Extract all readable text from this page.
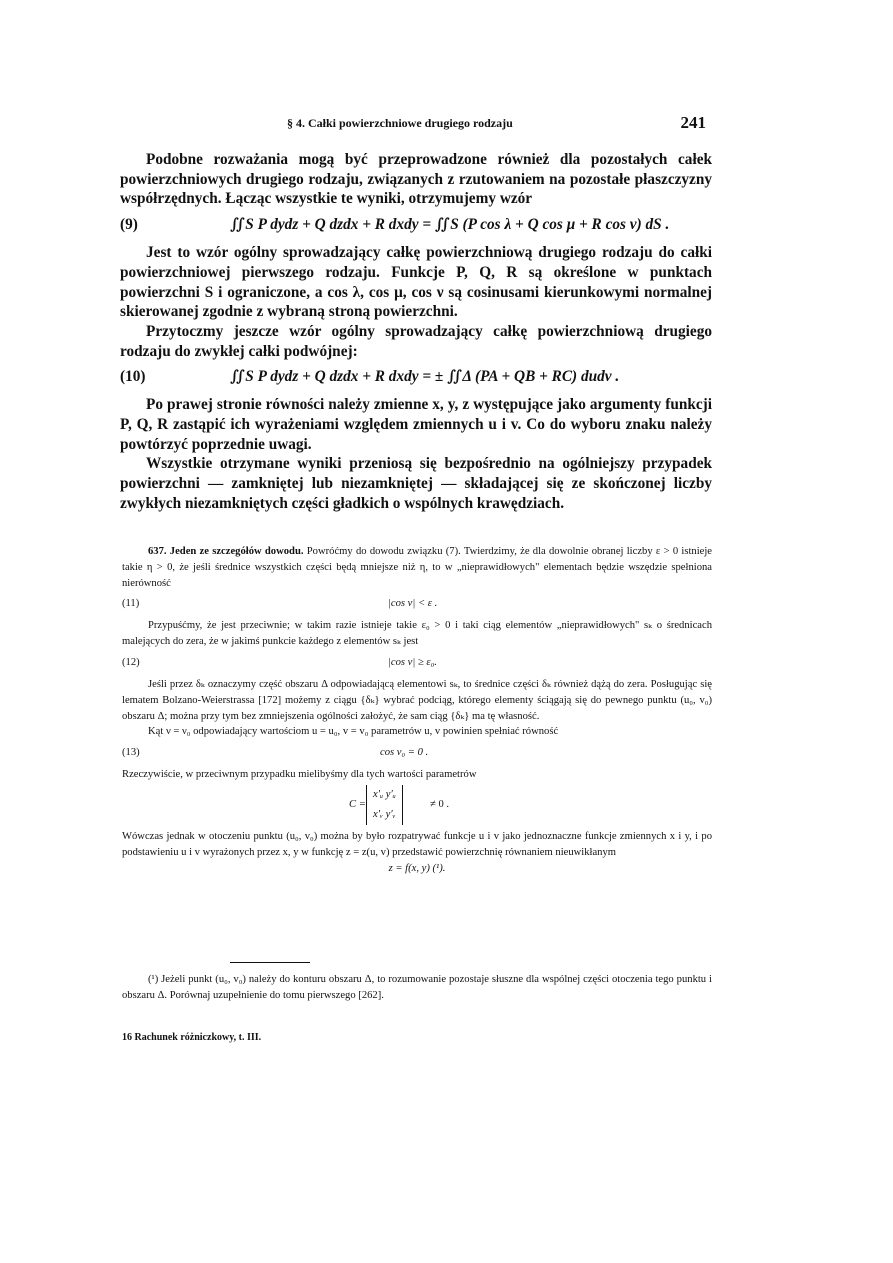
§ 4. Całki powierzchniowe drugiego rodzaju	241

Podobne rozważania mogą być przeprowadzone również dla pozostałych całek powierzchniowych drugiego rodzaju, związanych z rzutowaniem na pozostałe płaszczyzny współrzędnych. Łącząc wszystkie te wyniki, otrzymujemy wzór

(9)	∬S P dydz + Q dzdx + R dxdy = ∬S (P cos λ + Q cos μ + R cos ν) dS .

Jest to wzór ogólny sprowadzający całkę powierzchniową drugiego rodzaju do całki powierzchniowej pierwszego rodzaju. Funkcje P, Q, R są określone w punktach powierzchni S i ograniczone, a cos λ, cos μ, cos ν są cosinusami kierunkowymi normalnej skierowanej zgodnie z wybraną stroną powierzchni.

Przytoczmy jeszcze wzór ogólny sprowadzający całkę powierzchniową drugiego rodzaju do zwykłej całki podwójnej:

(10)	∬S P dydz + Q dzdx + R dxdy = ± ∬Δ (PA + QB + RC) dudv .

Po prawej stronie równości należy zmienne x, y, z występujące jako argumenty funkcji P, Q, R zastąpić ich wyrażeniami względem zmiennych u i v. Co do wyboru znaku należy powtórzyć poprzednie uwagi.

Wszystkie otrzymane wyniki przeniosą się bezpośrednio na ogólniejszy przypadek powierzchni — zamkniętej lub niezamkniętej — składającej się ze skończonej liczby zwykłych niezamkniętych części gładkich o wspólnych krawędziach.

637. Jeden ze szczegółów dowodu. Powróćmy do dowodu związku (7). Twierdzimy, że dla dowolnie obranej liczby ε > 0 istnieje takie η > 0, że jeśli średnice wszystkich części będą mniejsze niż η, to w „nieprawidłowych" elementach będzie wszędzie spełniona nierówność

(11)	|cos ν| < ε .

Przypuśćmy, że jest przeciwnie; w takim razie istnieje takie ε₀ > 0 i taki ciąg elementów „nieprawidłowych" sₖ o średnicach malejących do zera, że w jakimś punkcie każdego z elementów sₖ jest

(12)	|cos ν| ≥ ε₀.

Jeśli przez δₖ oznaczymy część obszaru Δ odpowiadającą elementowi sₖ, to średnice części δₖ również dążą do zera. Posługując się lematem Bolzano-Weierstrassa [172] możemy z ciągu {δₖ} wybrać podciąg, którego elementy ściągają się do pewnego punktu (u₀, v₀) obszaru Δ; można przy tym bez zmniejszenia ogólności założyć, że sam ciąg {δₖ} ma tę własność.

Kąt ν = ν₀ odpowiadający wartościom u = u₀, v = v₀ parametrów u, v powinien spełniać równość

(13)	cos ν₀ = 0 .

Rzeczywiście, w przeciwnym przypadku mielibyśmy dla tych wartości parametrów

C =
x′ᵤ y′ᵤ
x′ᵥ y′ᵥ
≠ 0 .

Wówczas jednak w otoczeniu punktu (u₀, v₀) można by było rozpatrywać funkcje u i v jako jednoznaczne funkcje zmiennych x i y, i po podstawieniu u i v wyrażonych przez x, y w funkcję z = z(u, v) przedstawić powierzchnię równaniem nieuwikłanym

z = f(x, y) (¹).

(¹) Jeżeli punkt (u₀, v₀) należy do konturu obszaru Δ, to rozumowanie pozostaje słuszne dla wspólnej części otoczenia tego punktu i obszaru Δ. Porównaj uzupełnienie do tomu pierwszego [262].

16 Rachunek różniczkowy, t. III.
